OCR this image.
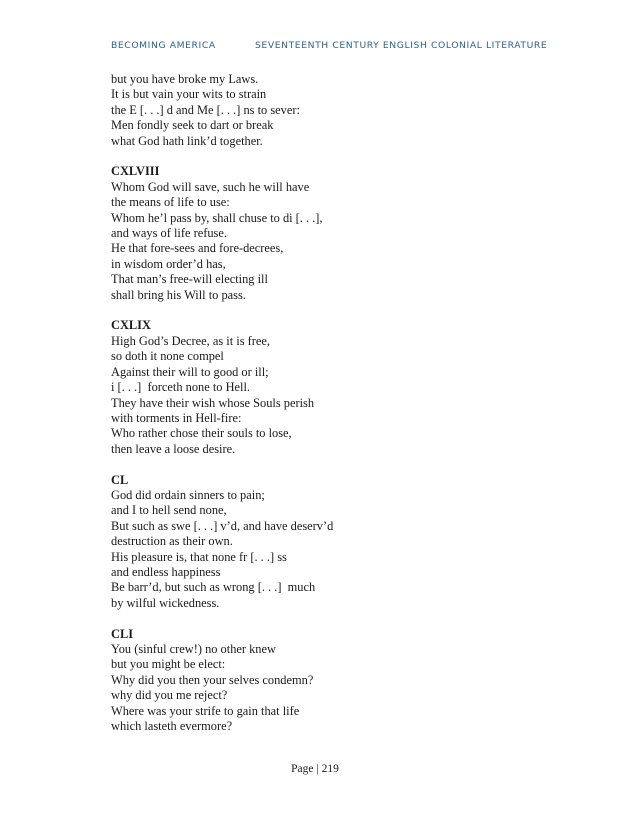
BECOMING AMERICA	SEVENTEENTH CENTURY ENGLISH COLONIAL LITERATURE
but you have broke my Laws.
It is but vain your wits to strain
the E [. . .] d and Me [. . .] ns to sever:
Men fondly seek to dart or break
what God hath link’d together.
CXLVIII
Whom God will save, such he will have
the means of life to use:
Whom he’l pass by, shall chuse to di [. . .],
and ways of life refuse.
He that fore-sees and fore-decrees,
in wisdom order’d has,
That man’s free-will electing ill
shall bring his Will to pass.
CXLIX
High God’s Decree, as it is free,
so doth it none compel
Against their will to good or ill;
i [. . .]  forceth none to Hell.
They have their wish whose Souls perish
with torments in Hell-fire:
Who rather chose their souls to lose,
then leave a loose desire.
CL
God did ordain sinners to pain;
and I to hell send none,
But such as swe [. . .] v’d, and have deserv’d
destruction as their own.
His pleasure is, that none fr [. . .] ss
and endless happiness
Be barr’d, but such as wrong [. . .]  much
by wilful wickedness.
CLI
You (sinful crew!) no other knew
but you might be elect:
Why did you then your selves condemn?
why did you me reject?
Where was your strife to gain that life
which lasteth evermore?
Page | 219
